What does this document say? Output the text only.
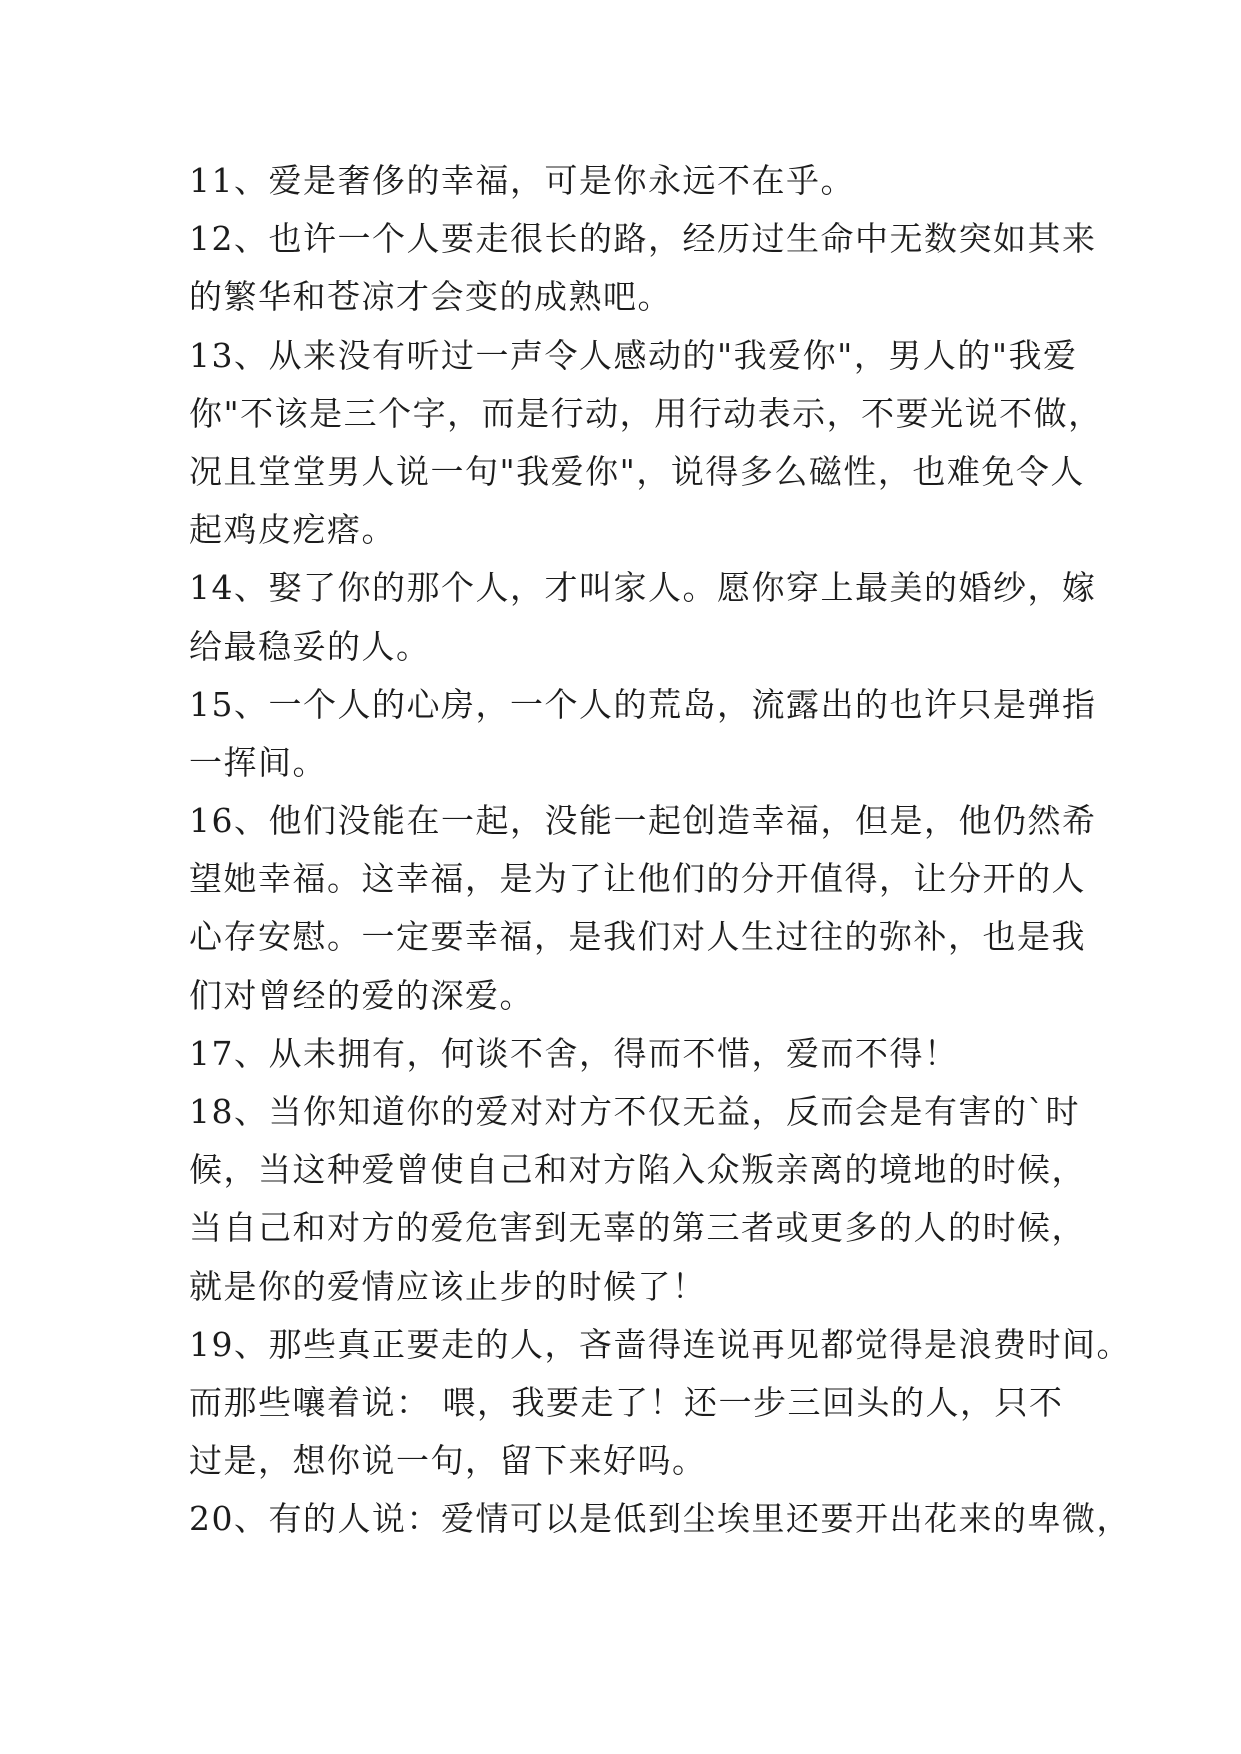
11、爱是奢侈的幸福，可是你永远不在乎。
12、也许一个人要走很长的路，经历过生命中无数突如其来
的繁华和苍凉才会变的成熟吧。
13、从来没有听过一声令人感动的"我爱你"，男人的"我爱
你"不该是三个字，而是行动，用行动表示，不要光说不做，
况且堂堂男人说一句"我爱你"，说得多么磁性，也难免令人
起鸡皮疙瘩。
14、娶了你的那个人，才叫家人。愿你穿上最美的婚纱，嫁
给最稳妥的人。
15、一个人的心房，一个人的荒岛，流露出的也许只是弹指
一挥间。
16、他们没能在一起，没能一起创造幸福，但是，他仍然希
望她幸福。这幸福，是为了让他们的分开值得，让分开的人
心存安慰。一定要幸福，是我们对人生过往的弥补，也是我
们对曾经的爱的深爱。
17、从未拥有，何谈不舍，得而不惜，爱而不得！
18、当你知道你的爱对对方不仅无益，反而会是有害的`时
候，当这种爱曾使自己和对方陷入众叛亲离的境地的时候，
当自己和对方的爱危害到无辜的第三者或更多的人的时候，
就是你的爱情应该止步的时候了！
19、那些真正要走的人，吝啬得连说再见都觉得是浪费时间。
而那些嚷着说： 喂，我要走了！还一步三回头的人，只不
过是，想你说一句，留下来好吗。
20、有的人说：爱情可以是低到尘埃里还要开出花来的卑微，
